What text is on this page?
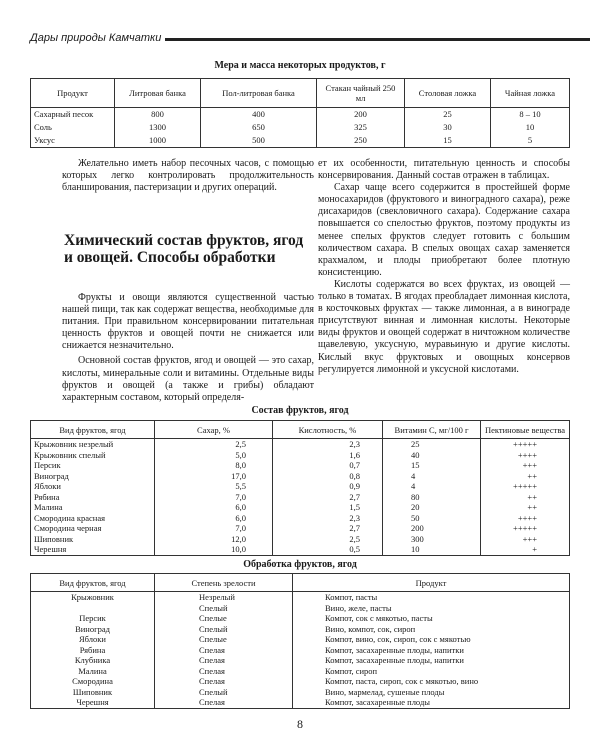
Дары природы Камчатки
Мера и масса некоторых продуктов, г
Продукт	Литровая банка	Пол-литровая банка	Стакан чайный 250 мл	Столовая ложка	Чайная ложка
Сахарный песок	800	400	200	25	8 – 10
Соль	1300	650	325	30	10
Уксус	1000	500	250	15	5

Желательно иметь набор песочных часов, с помощью которых легко контролировать продолжительность бланширования, пастеризации и других операций.

Химический состав фруктов, ягод и овощей. Способы обработки

Фрукты и овощи являются существенной частью нашей пищи, так как содержат вещества, необходимые для питания. При правильном консервировании питательная ценность фруктов и овощей почти не снижается или снижается незначительно.

Основной состав фруктов, ягод и овощей — это сахар, кислоты, минеральные соли и витамины. Отдельные виды фруктов и овощей (а также и грибы) обладают характерным составом, который определя-

ет их особенности, питательную ценность и способы консервирования. Данный состав отражен в таблицах.

Сахар чаще всего содержится в простейшей форме моносахаридов (фруктового и виноградного сахара), реже дисахаридов (свекловичного сахара). Содержание сахара повышается со спелостью фруктов, поэтому продукты из менее спелых фруктов следует готовить с большим количеством сахара. В спелых овощах сахар заменяется крахмалом, и плоды приобретают более плотную консистенцию.

Кислоты содержатся во всех фруктах, из овощей — только в томатах. В ягодах преобладает лимонная кислота, в косточковых фруктах — также лимонная, а в винограде присутствуют винная и лимонная кислоты. Некоторые виды фруктов и овощей содержат в ничтожном количестве щавелевую, уксусную, муравьиную и другие кислоты. Кислый вкус фруктовых и овощных консервов регулируется лимонной и уксусной кислотами.

Состав фруктов, ягод
Вид фруктов, ягод	Сахар, %	Кислотность, %	Витамин С, мг/100 г	Пектиновые вещества
Крыжовник незрелый	2,5	2,3	25	+++++
Крыжовник спелый	5,0	1,6	40	++++
Персик	8,0	0,7	15	+++
Виноград	17,0	0,8	4	++
Яблоки	5,5	0,9	4	+++++
Рябина	7,0	2,7	80	++
Малина	6,0	1,5	20	++
Смородина красная	6,0	2,3	50	++++
Смородина черная	7,0	2,7	200	+++++
Шиповник	12,0	2,5	300	+++
Черешня	10,0	0,5	10	+
Обработка фруктов, ягод
Вид фруктов, ягод	Степень зрелости	Продукт
Крыжовник	Незрелый	Компот, пасты
	Спелый	Вино, желе, пасты
Персик	Спелые	Компот, сок с мякотью, пасты
Виноград	Спелый	Вино, компот, сок, сироп
Яблоки	Спелые	Компот, вино, сок, сироп, сок с мякотью
Рябина	Спелая	Компот, засахаренные плоды, напитки
Клубника	Спелая	Компот, засахаренные плоды, напитки
Малина	Спелая	Компот, сироп
Смородина	Спелая	Компот, паста, сироп, сок с мякотью, вино
Шиповник	Спелый	Вино, мармелад, сушеные плоды
Черешня	Спелая	Компот, засахаренные плоды
8
